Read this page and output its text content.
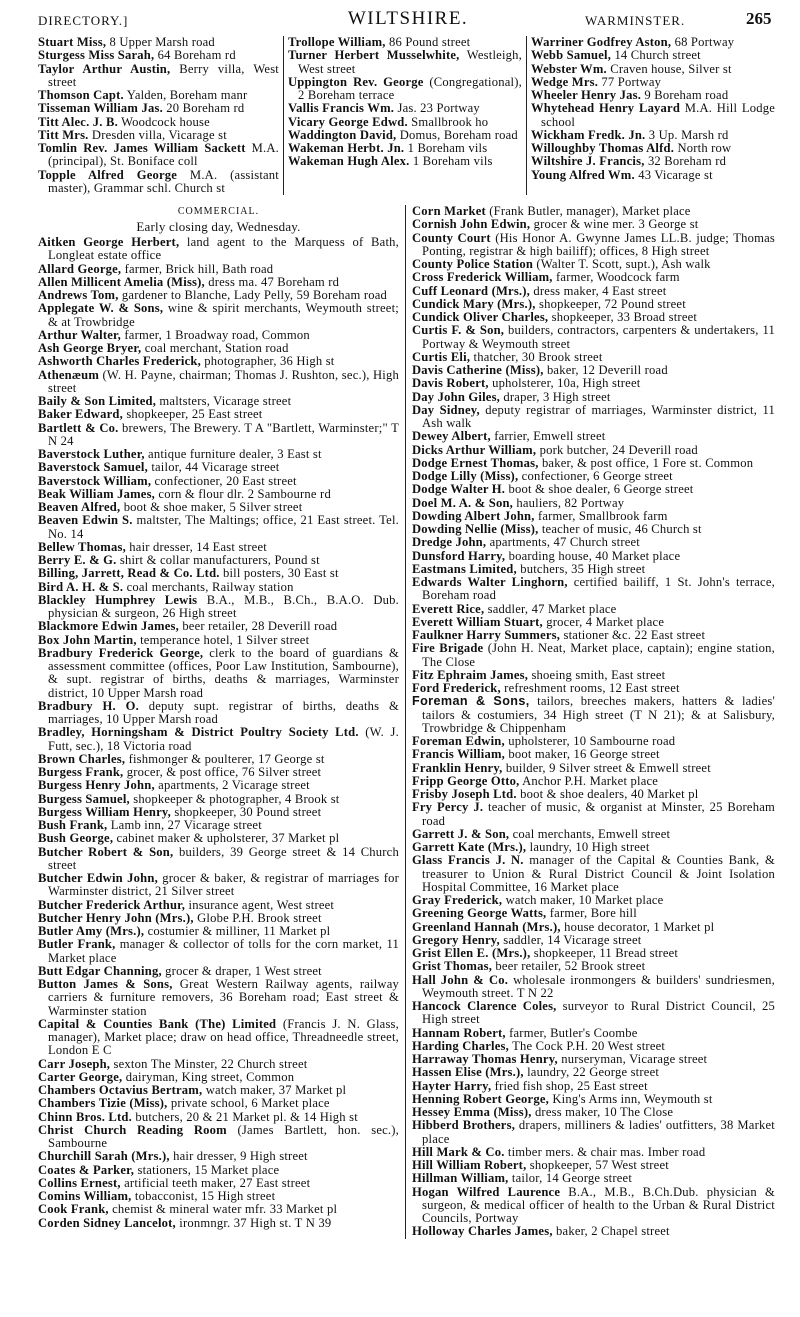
DIRECTORY.]	WILTSHIRE.	WARMINSTER.	265
Stuart Miss, 8 Upper Marsh road
Sturgess Miss Sarah, 64 Boreham rd
Taylor Arthur Austin, Berry villa, West street
Thomson Capt. Yalden, Boreham manr
Tisseman William Jas. 20 Boreham rd
Titt Alec. J. B. Woodcock house
Titt Mrs. Dresden villa, Vicarage st
Tomlin Rev. James William Sackett M.A. (principal), St. Boniface coll
Topple Alfred George M.A. (assistant master), Grammar schl. Church st
Trollope William, 86 Pound street
Turner Herbert Musselwhite, Westleigh, West street
Uppington Rev. George (Congregational), 2 Boreham terrace
Vallis Francis Wm. Jas. 23 Portway
Vicary George Edwd. Smallbrook ho
Waddington David, Domus, Boreham road
Wakeman Herbt. Jn. 1 Boreham vils
Wakeman Hugh Alex. 1 Boreham vils
Warriner Godfrey Aston, 68 Portway
Webb Samuel, 14 Church street
Webster Wm. Craven house, Silver st
Wedge Mrs. 77 Portway
Wheeler Henry Jas. 9 Boreham road
Whytehead Henry Layard M.A. Hill Lodge school
Wickham Fredk. Jn. 3 Up. Marsh rd
Willoughby Thomas Alfd. North row
Wiltshire J. Francis, 32 Boreham rd
Young Alfred Wm. 43 Vicarage st
COMMERCIAL.
Early closing day, Wednesday.
Aitken George Herbert, land agent to the Marquess of Bath, Longleat estate office
Allard George, farmer, Brick hill, Bath road
Allen Millicent Amelia (Miss), dress ma. 47 Boreham rd
Andrews Tom, gardener to Blanche, Lady Pelly, 59 Boreham road
Applegate W. & Sons, wine & spirit merchants, Weymouth street; & at Trowbridge
Arthur Walter, farmer, 1 Broadway road, Common
Ash George Bryer, coal merchant, Station road
Ashworth Charles Frederick, photographer, 36 High st
Athenæum (W. H. Payne, chairman; Thomas J. Rushton, sec.), High street
Baily & Son Limited, maltsters, Vicarage street
Baker Edward, shopkeeper, 25 East street
Bartlett & Co. brewers, The Brewery. T A "Bartlett, Warminster;" T N 24
Baverstock Luther, antique furniture dealer, 3 East st
Baverstock Samuel, tailor, 44 Vicarage street
Baverstock William, confectioner, 20 East street
Beak William James, corn & flour dlr. 2 Sambourne rd
Beaven Alfred, boot & shoe maker, 5 Silver street
Beaven Edwin S. maltster, The Maltings; office, 21 East street. Tel. No. 14
Bellew Thomas, hair dresser, 14 East street
Berry E. & G. shirt & collar manufacturers, Pound st
Billing, Jarrett, Read & Co. Ltd. bill posters, 30 East st
Bird A. H. & S. coal merchants, Railway station
Blackley Humphrey Lewis B.A., M.B., B.Ch., B.A.O. Dub. physician & surgeon, 26 High street
Blackmore Edwin James, beer retailer, 28 Deverill road
Box John Martin, temperance hotel, 1 Silver street
Bradbury Frederick George, clerk to the board of guardians & assessment committee (offices, Poor Law Institution, Sambourne), & supt. registrar of births, deaths & marriages, Warminster district, 10 Upper Marsh road
Bradbury H. O. deputy supt. registrar of births, deaths & marriages, 10 Upper Marsh road
Bradley, Horningsham & District Poultry Society Ltd. (W. J. Futt, sec.), 18 Victoria road
Brown Charles, fishmonger & poulterer, 17 George st
Burgess Frank, grocer, & post office, 76 Silver street
Burgess Henry John, apartments, 2 Vicarage street
Burgess Samuel, shopkeeper & photographer, 4 Brook st
Burgess William Henry, shopkeeper, 30 Pound street
Bush Frank, Lamb inn, 27 Vicarage street
Bush George, cabinet maker & upholsterer, 37 Market pl
Butcher Robert & Son, builders, 39 George street & 14 Church street
Butcher Edwin John, grocer & baker, & registrar of marriages for Warminster district, 21 Silver street
Butcher Frederick Arthur, insurance agent, West street
Butcher Henry John (Mrs.), Globe P.H. Brook street
Butler Amy (Mrs.), costumier & milliner, 11 Market pl
Butler Frank, manager & collector of tolls for the corn market, 11 Market place
Butt Edgar Channing, grocer & draper, 1 West street
Button James & Sons, Great Western Railway agents, railway carriers & furniture removers, 36 Boreham road; East street & Warminster station
Capital & Counties Bank (The) Limited (Francis J. N. Glass, manager), Market place; draw on head office, Threadneedle street, London E C
Carr Joseph, sexton The Minster, 22 Church street
Carter George, dairyman, King street, Common
Chambers Octavius Bertram, watch maker, 37 Market pl
Chambers Tizie (Miss), private school, 6 Market place
Chinn Bros. Ltd. butchers, 20 & 21 Market pl. & 14 High st
Christ Church Reading Room (James Bartlett, hon. sec.), Sambourne
Churchill Sarah (Mrs.), hair dresser, 9 High street
Coates & Parker, stationers, 15 Market place
Collins Ernest, artificial teeth maker, 27 East street
Comins William, tobacconist, 15 High street
Cook Frank, chemist & mineral water mfr. 33 Market pl
Corden Sidney Lancelot, ironmngr. 37 High st. T N 39
Corn Market (Frank Butler, manager), Market place
Cornish John Edwin, grocer & wine mer. 3 George st
County Court (His Honor A. Gwynne James LL.B. judge; Thomas Ponting, registrar & high bailiff); offices, 8 High street
County Police Station (Walter T. Scott, supt.), Ash walk
Cross Frederick William, farmer, Woodcock farm
Cuff Leonard (Mrs.), dress maker, 4 East street
Cundick Mary (Mrs.), shopkeeper, 72 Pound street
Cundick Oliver Charles, shopkeeper, 33 Broad street
Curtis F. & Son, builders, contractors, carpenters & undertakers, 11 Portway & Weymouth street
Curtis Eli, thatcher, 30 Brook street
Davis Catherine (Miss), baker, 12 Deverill road
Davis Robert, upholsterer, 10a, High street
Day John Giles, draper, 3 High street
Day Sidney, deputy registrar of marriages, Warminster district, 11 Ash walk
Dewey Albert, farrier, Emwell street
Dicks Arthur William, pork butcher, 24 Deverill road
Dodge Ernest Thomas, baker, & post office, 1 Fore st. Common
Dodge Lilly (Miss), confectioner, 6 George street
Dodge Walter H. boot & shoe dealer, 6 George street
Doel M. A. & Son, hauliers, 82 Portway
Dowding Albert John, farmer, Smallbrook farm
Dowding Nellie (Miss), teacher of music, 46 Church st
Dredge John, apartments, 47 Church street
Dunsford Harry, boarding house, 40 Market place
Eastmans Limited, butchers, 35 High street
Edwards Walter Linghorn, certified bailiff, 1 St. John's terrace, Boreham road
Everett Rice, saddler, 47 Market place
Everett William Stuart, grocer, 4 Market place
Faulkner Harry Summers, stationer &c. 22 East street
Fire Brigade (John H. Neat, Market place, captain); engine station, The Close
Fitz Ephraim James, shoeing smith, East street
Ford Frederick, refreshment rooms, 12 East street
Foreman & Sons, tailors, breeches makers, hatters & ladies' tailors & costumiers, 34 High street (T N 21); & at Salisbury, Trowbridge & Chippenham
Foreman Edwin, upholsterer, 10 Sambourne road
Francis William, boot maker, 16 George street
Franklin Henry, builder, 9 Silver street & Emwell street
Fripp George Otto, Anchor P.H. Market place
Frisby Joseph Ltd. boot & shoe dealers, 40 Market pl
Fry Percy J. teacher of music, & organist at Minster, 25 Boreham road
Garrett J. & Son, coal merchants, Emwell street
Garrett Kate (Mrs.), laundry, 10 High street
Glass Francis J. N. manager of the Capital & Counties Bank, & treasurer to Union & Rural District Council & Joint Isolation Hospital Committee, 16 Market place
Gray Frederick, watch maker, 10 Market place
Greening George Watts, farmer, Bore hill
Greenland Hannah (Mrs.), house decorator, 1 Market pl
Gregory Henry, saddler, 14 Vicarage street
Grist Ellen E. (Mrs.), shopkeeper, 11 Bread street
Grist Thomas, beer retailer, 52 Brook street
Hall John & Co. wholesale ironmongers & builders' sundriesmen, Weymouth street. T N 22
Hancock Clarence Coles, surveyor to Rural District Council, 25 High street
Hannam Robert, farmer, Butler's Coombe
Harding Charles, The Cock P.H. 20 West street
Harraway Thomas Henry, nurseryman, Vicarage street
Hassen Elise (Mrs.), laundry, 22 George street
Hayter Harry, fried fish shop, 25 East street
Henning Robert George, King's Arms inn, Weymouth st
Hessey Emma (Miss), dress maker, 10 The Close
Hibberd Brothers, drapers, milliners & ladies' outfitters, 38 Market place
Hill Mark & Co. timber mers. & chair mas. Imber road
Hill William Robert, shopkeeper, 57 West street
Hillman William, tailor, 14 George street
Hogan Wilfred Laurence B.A., M.B., B.Ch.Dub. physician & surgeon, & medical officer of health to the Urban & Rural District Councils, Portway
Holloway Charles James, baker, 2 Chapel street
